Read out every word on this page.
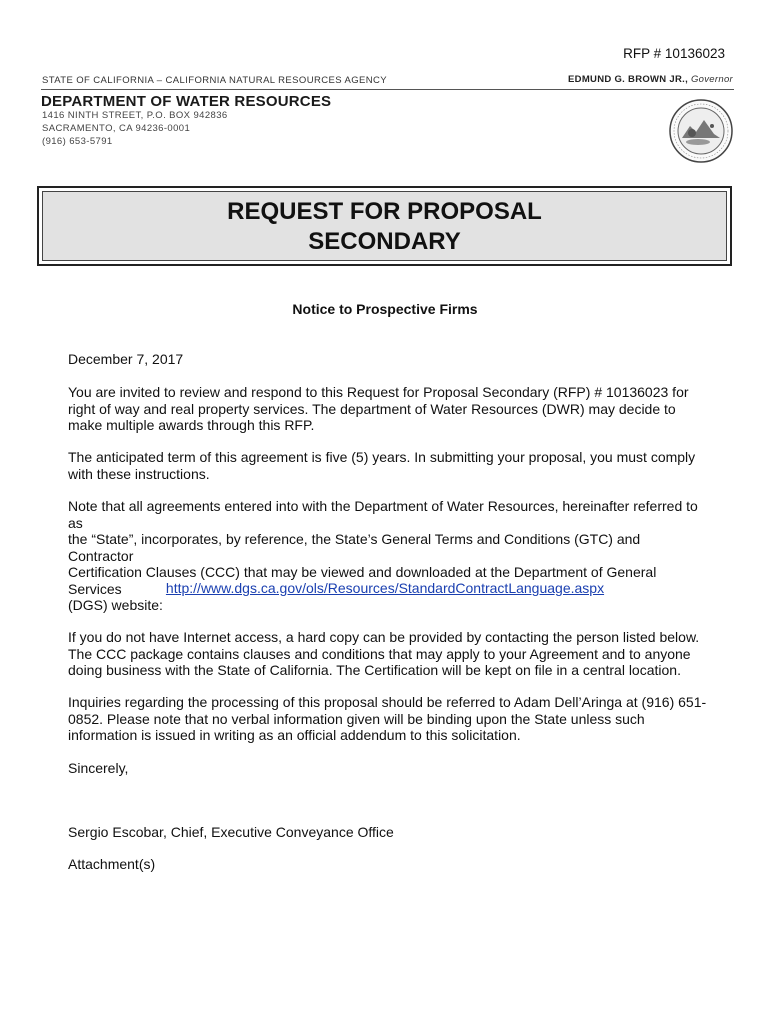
RFP # 10136023
STATE OF CALIFORNIA – CALIFORNIA NATURAL RESOURCES AGENCY	EDMUND G. BROWN JR., Governor
DEPARTMENT OF WATER RESOURCES
1416 NINTH STREET, P.O. BOX 942836
SACRAMENTO, CA 94236-0001
(916) 653-5791
REQUEST FOR PROPOSAL
SECONDARY
Notice to Prospective Firms
December 7, 2017
You are invited to review and respond to this Request for Proposal Secondary (RFP) # 10136023 for
right of way and real property services. The department of Water Resources (DWR) may decide to
make multiple awards through this RFP.
The anticipated term of this agreement is five (5) years. In submitting your proposal, you must comply
with these instructions.
Note that all agreements entered into with the Department of Water Resources, hereinafter referred to as
the “State”, incorporates, by reference, the State’s General Terms and Conditions (GTC) and Contractor
Certification Clauses (CCC) that may be viewed and downloaded at the Department of General Services
(DGS) website:
http://www.dgs.ca.gov/ols/Resources/StandardContractLanguage.aspx
If you do not have Internet access, a hard copy can be provided by contacting the person listed below.
The CCC package contains clauses and conditions that may apply to your Agreement and to anyone
doing business with the State of California. The Certification will be kept on file in a central location.
Inquiries regarding the processing of this proposal should be referred to Adam Dell’Aringa at (916) 651-
0852. Please note that no verbal information given will be binding upon the State unless such
information is issued in writing as an official addendum to this solicitation.
Sincerely,
Sergio Escobar, Chief, Executive Conveyance Office
Attachment(s)
